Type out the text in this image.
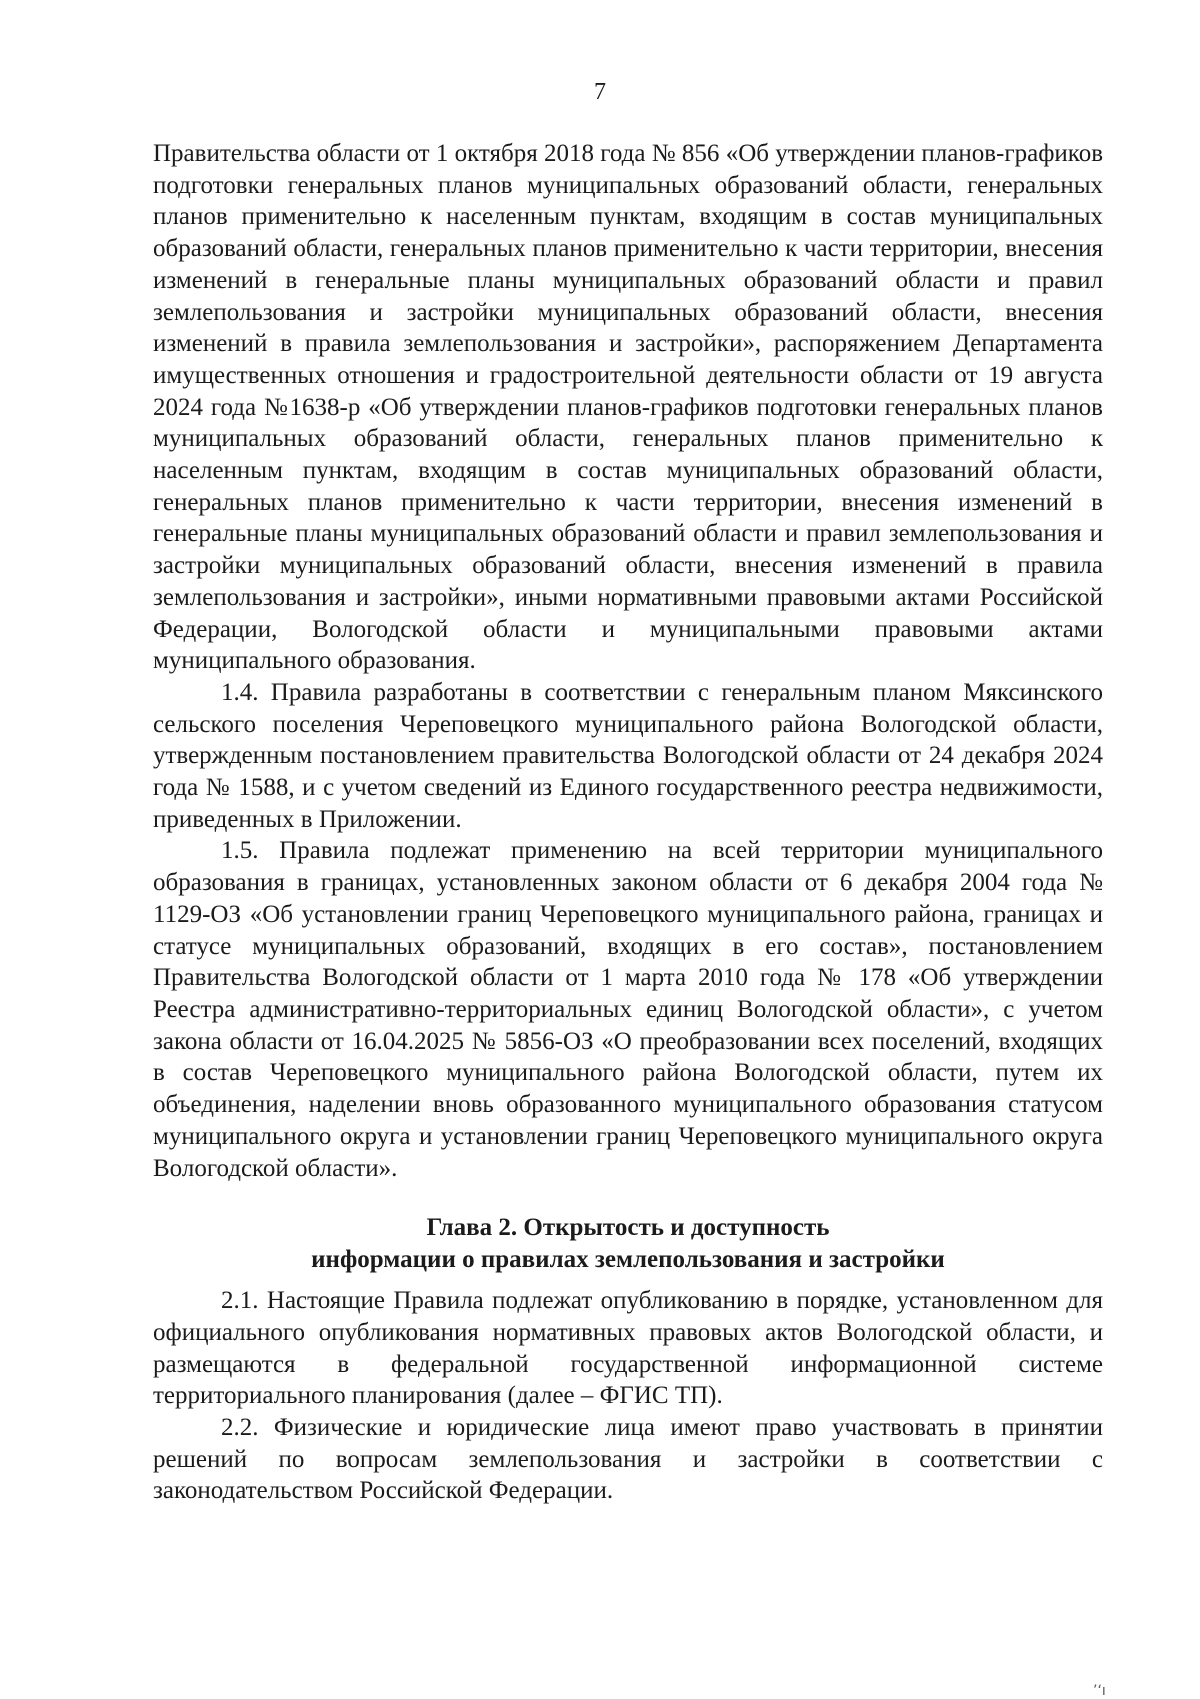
7

Правительства области от 1 октября 2018 года № 856 «Об утверждении планов-графиков подготовки генеральных планов муниципальных образований области, генеральных планов применительно к населенным пунктам, входящим в состав муниципальных образований области, генеральных планов применительно к части территории, внесения изменений в генеральные планы муниципальных образований области и правил землепользования и застройки муниципальных образований области, внесения изменений в правила землепользования и застройки», распоряжением Департамента имущественных отношения и градостроительной деятельности области от 19 августа 2024 года №1638-р «Об утверждении планов-графиков подготовки генеральных планов муниципальных образований области, генеральных планов применительно к населенным пунктам, входящим в состав муниципальных образований области, генеральных планов применительно к части территории, внесения изменений в генеральные планы муниципальных образований области и правил землепользования и застройки муниципальных образований области, внесения изменений в правила землепользования и застройки», иными нормативными правовыми актами Российской Федерации, Вологодской области и муниципальными правовыми актами муниципального образования.

1.4. Правила разработаны в соответствии с генеральным планом Мяксинского сельского поселения Череповецкого муниципального района Вологодской области, утвержденным постановлением правительства Вологодской области от 24 декабря 2024 года № 1588, и с учетом сведений из Единого государственного реестра недвижимости, приведенных в Приложении.

1.5. Правила подлежат применению на всей территории муниципального образования в границах, установленных законом области от 6 декабря 2004 года № 1129-ОЗ «Об установлении границ Череповецкого муниципального района, границах и статусе муниципальных образований, входящих в его состав», постановлением Правительства Вологодской области от 1 марта 2010 года № 178 «Об утверждении Реестра административно-территориальных единиц Вологодской области», с учетом закона области от 16.04.2025 № 5856-ОЗ «О преобразовании всех поселений, входящих в состав Череповецкого муниципального района Вологодской области, путем их объединения, наделении вновь образованного муниципального образования статусом муниципального округа и установлении границ Череповецкого муниципального округа Вологодской области».

Глава 2. Открытость и доступность
информации о правилах землепользования и застройки

2.1. Настоящие Правила подлежат опубликованию в порядке, установленном для официального опубликования нормативных правовых актов Вологодской области, и размещаются в федеральной государственной информационной системе территориального планирования (далее – ФГИС ТП).

2.2. Физические и юридические лица имеют право участвовать в принятии решений по вопросам землепользования и застройки в соответствии с законодательством Российской Федерации.

’‘ı
